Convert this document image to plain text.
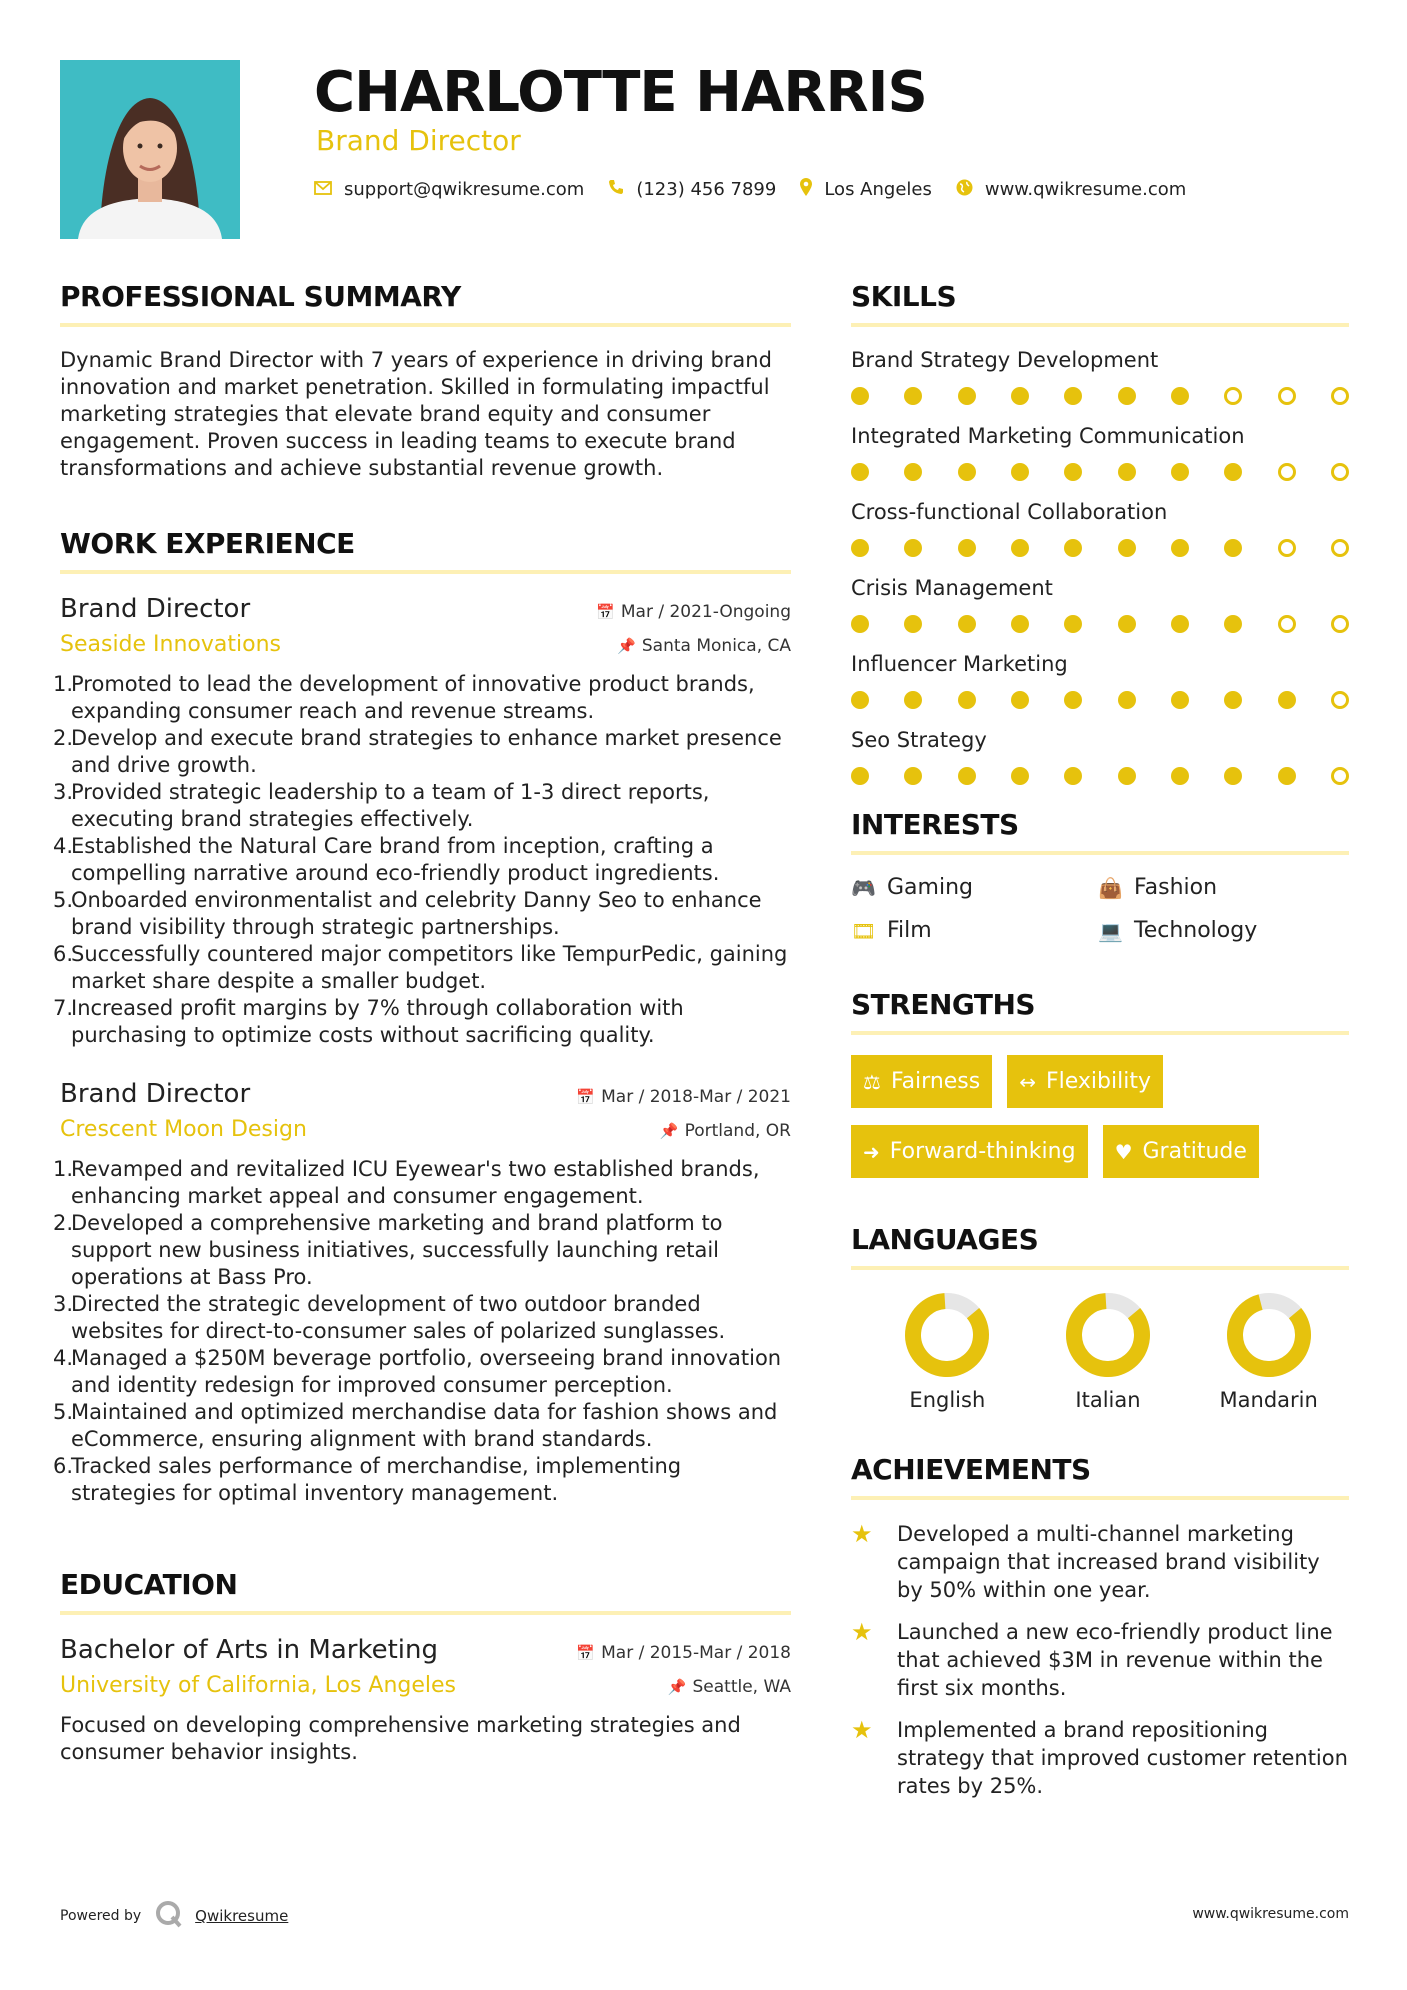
CHARLOTTE HARRIS
Brand Director
support@qwikresume.com	(123) 456 7899	Los Angeles	www.qwikresume.com
PROFESSIONAL SUMMARY

Dynamic Brand Director with 7 years of experience in driving brand innovation and market penetration. Skilled in formulating impactful marketing strategies that elevate brand equity and consumer engagement. Proven success in leading teams to execute brand transformations and achieve substantial revenue growth.

WORK EXPERIENCE
Brand Director	📅 Mar / 2021-Ongoing
Seaside Innovations	📌 Santa Monica, CA
1.
Promoted to lead the development of innovative product brands, expanding consumer reach and revenue streams.
2.
Develop and execute brand strategies to enhance market presence and drive growth.
3.
Provided strategic leadership to a team of 1-3 direct reports, executing brand strategies effectively.
4.
Established the Natural Care brand from inception, crafting a compelling narrative around eco-friendly product ingredients.
5.
Onboarded environmentalist and celebrity Danny Seo to enhance brand visibility through strategic partnerships.
6.
Successfully countered major competitors like TempurPedic, gaining market share despite a smaller budget.
7.
Increased profit margins by 7% through collaboration with purchasing to optimize costs without sacrificing quality.
Brand Director	📅 Mar / 2018-Mar / 2021
Crescent Moon Design	📌 Portland, OR
1.
Revamped and revitalized ICU Eyewear's two established brands, enhancing market appeal and consumer engagement.
2.
Developed a comprehensive marketing and brand platform to support new business initiatives, successfully launching retail operations at Bass Pro.
3.
Directed the strategic development of two outdoor branded websites for direct-to-consumer sales of polarized sunglasses.
4.
Managed a $250M beverage portfolio, overseeing brand innovation and identity redesign for improved consumer perception.
5.
Maintained and optimized merchandise data for fashion shows and eCommerce, ensuring alignment with brand standards.
6.
Tracked sales performance of merchandise, implementing strategies for optimal inventory management.
EDUCATION
Bachelor of Arts in Marketing	📅 Mar / 2015-Mar / 2018
University of California, Los Angeles	📌 Seattle, WA

Focused on developing comprehensive marketing strategies and consumer behavior insights.

SKILLS
Brand Strategy Development
Integrated Marketing Communication
Cross-functional Collaboration
Crisis Management
Influencer Marketing
Seo Strategy
INTERESTS
🎮 Gaming	👜 Fashion
🎞 Film	💻 Technology
STRENGTHS
⚖ Fairness ↔ Flexibility
➜ Forward-thinking ♥ Gratitude
LANGUAGES
English	Italian	Mandarin
ACHIEVEMENTS
★	Developed a multi-channel marketing campaign that increased brand visibility by 50% within one year.
★	Launched a new eco-friendly product line that achieved $3M in revenue within the first six months.
★	Implemented a brand repositioning strategy that improved customer retention rates by 25%.
Powered by	Qwikresume	www.qwikresume.com
